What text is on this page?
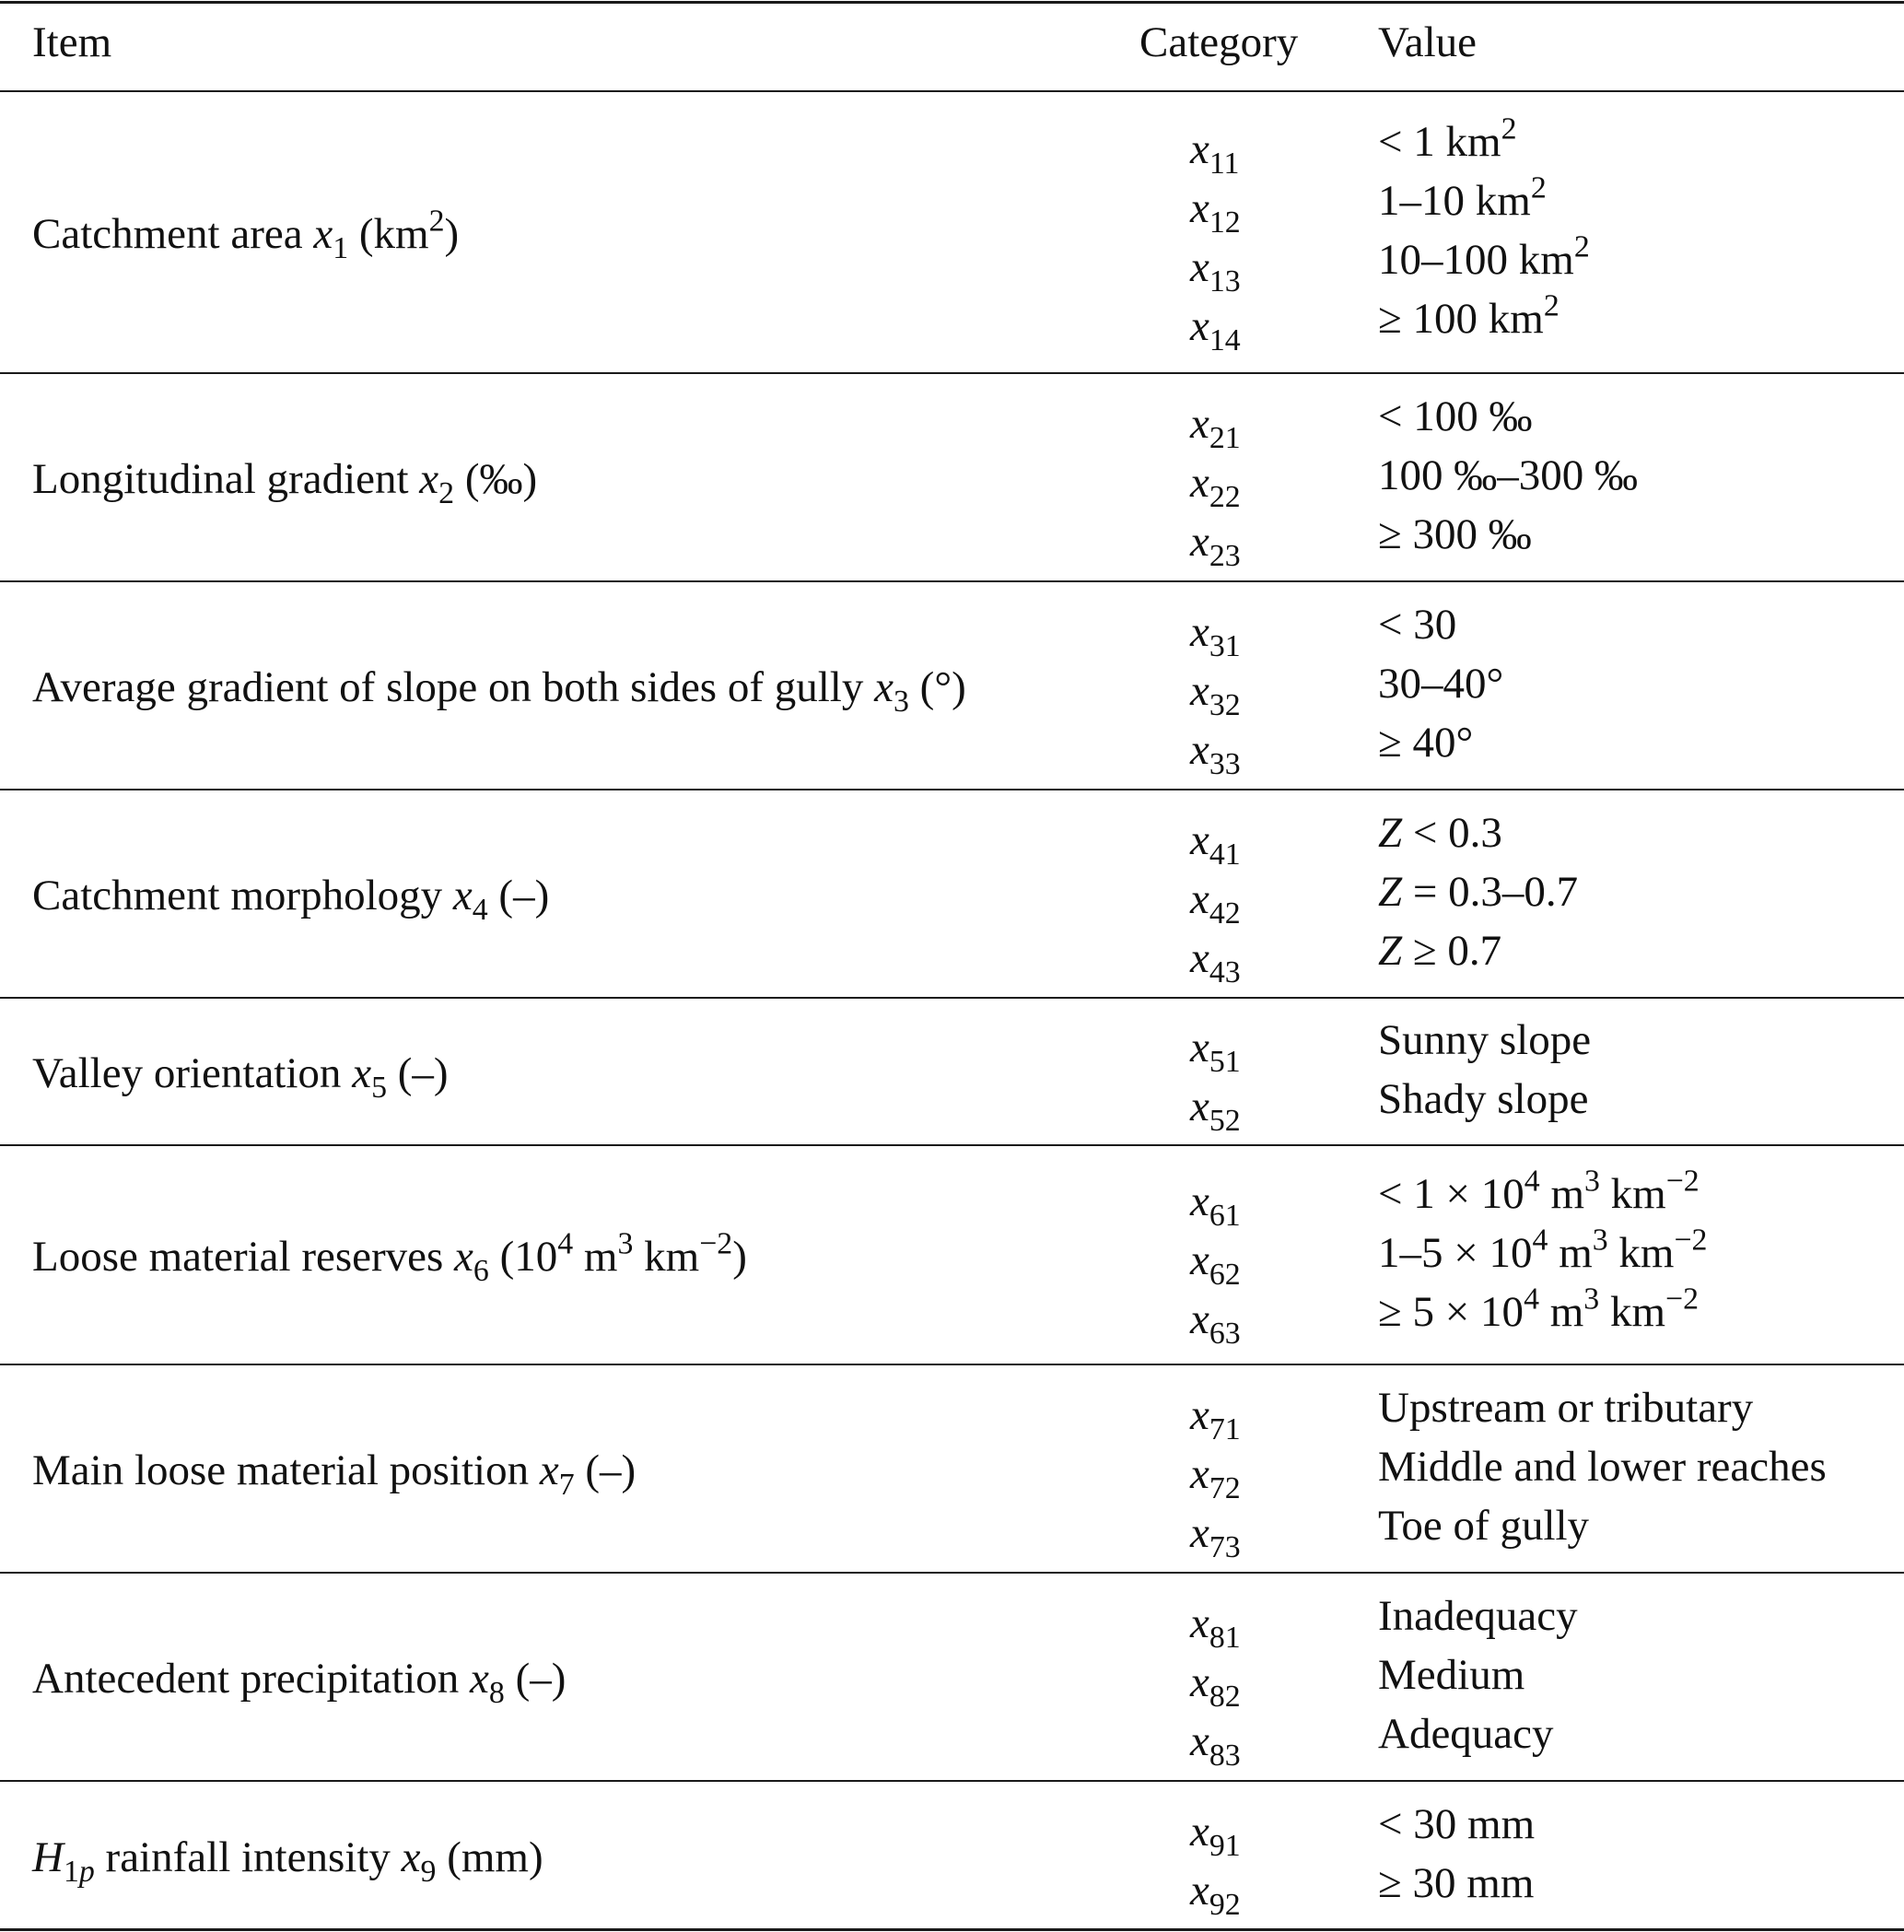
Item	Category Value
Catchment area $x_1$ $(km^2)$
$x_{11}$
$x_{12}$
$x_{13}$
$x_{14}$
< 1 $km^2$
1–10 $km^2$
10–100 $km^2$
≥ 100 $km^2$
Longitudinal gradient $x_2$ (‰)
$x_{21}$
$x_{22}$
$x_{23}$
< 100 ‰
100 ‰–300 ‰
≥ 300 ‰
Average gradient of slope on both sides of gully $x_3$ (°)
$x_{31}$
$x_{32}$
$x_{33}$
< 30
30–40°
≥ 40°
Catchment morphology $x_4$ (–)
$x_{41}$
$x_{42}$
$x_{43}$
Z < 0.3
Z = 0.3–0.7
Z ≥ 0.7
Valley orientation $x_5$ (–)
$x_{51}$
$x_{52}$
Sunny slope
Shady slope
Loose material reserves $x_6$ ($10^4$ $m^3$ $km^{-2}$)
$x_{61}$
$x_{62}$
$x_{63}$
< $1 \times 10^4$ $m^3$ $km^{-2}$
$1-5 \times 10^4$ $m^3$ $km^{-2}$
≥ $5 \times 10^4$ $m^3$ $km^{-2}$
Main loose material position $x_7$ (–)
$x_{71}$
$x_{72}$
$x_{73}$
Upstream or tributary
Middle and lower reaches
Toe of gully
Antecedent precipitation $x_8$ (–)
$x_{81}$
$x_{82}$
$x_{83}$
Inadequacy
Medium
Adequacy
$H_{1p}$ rainfall intensity $x_9$ (mm)
$x_{91}$
$x_{92}$
< 30 mm
≥ 30 mm
